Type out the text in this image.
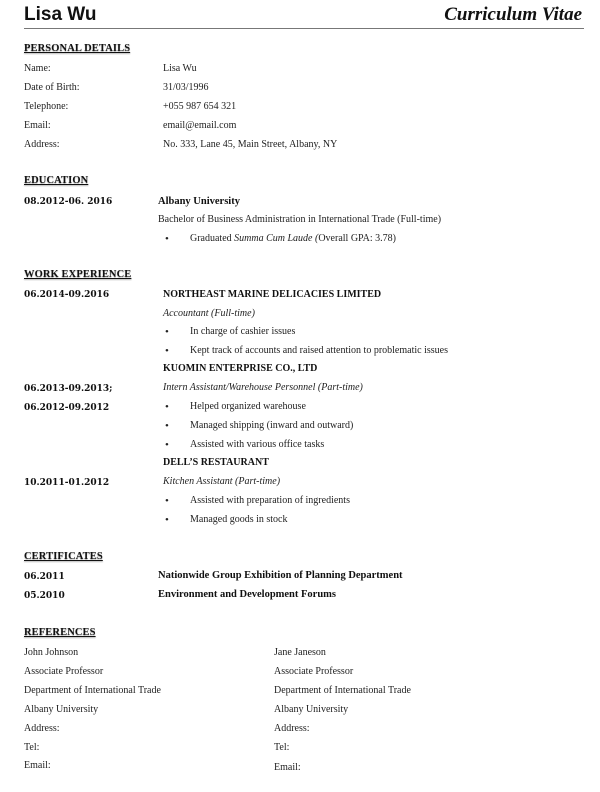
Lisa Wu	Curriculum Vitae
PERSONAL DETAILS
Name:	Lisa Wu
Date of Birth:	31/03/1996
Telephone:	+055 987 654 321
Email:	email@email.com
Address:	No. 333, Lane 45, Main Street, Albany, NY
EDUCATION
08.2012-06. 2016	Albany University
Bachelor of Business Administration in International Trade (Full-time)
• Graduated Summa Cum Laude (Overall GPA: 3.78)
WORK EXPERIENCE
06.2014-09.2016	NORTHEAST MARINE DELICACIES LIMITED
Accountant (Full-time)
• In charge of cashier issues
• Kept track of accounts and raised attention to problematic issues
KUOMIN ENTERPRISE CO., LTD
06.2013-09.2013;	Intern Assistant/Warehouse Personnel (Part-time)
06.2012-09.2012	• Helped organized warehouse
• Managed shipping (inward and outward)
• Assisted with various office tasks
DELL’S RESTAURANT
10.2011-01.2012	Kitchen Assistant (Part-time)
• Assisted with preparation of ingredients
• Managed goods in stock
CERTIFICATES
06.2011	Nationwide Group Exhibition of Planning Department
05.2010	Environment and Development Forums
REFERENCES
John Johnson
Associate Professor
Department of International Trade
Albany University
Address:
Tel:
Email:
Jane Janeson
Associate Professor
Department of International Trade
Albany University
Address:
Tel:
Email:
